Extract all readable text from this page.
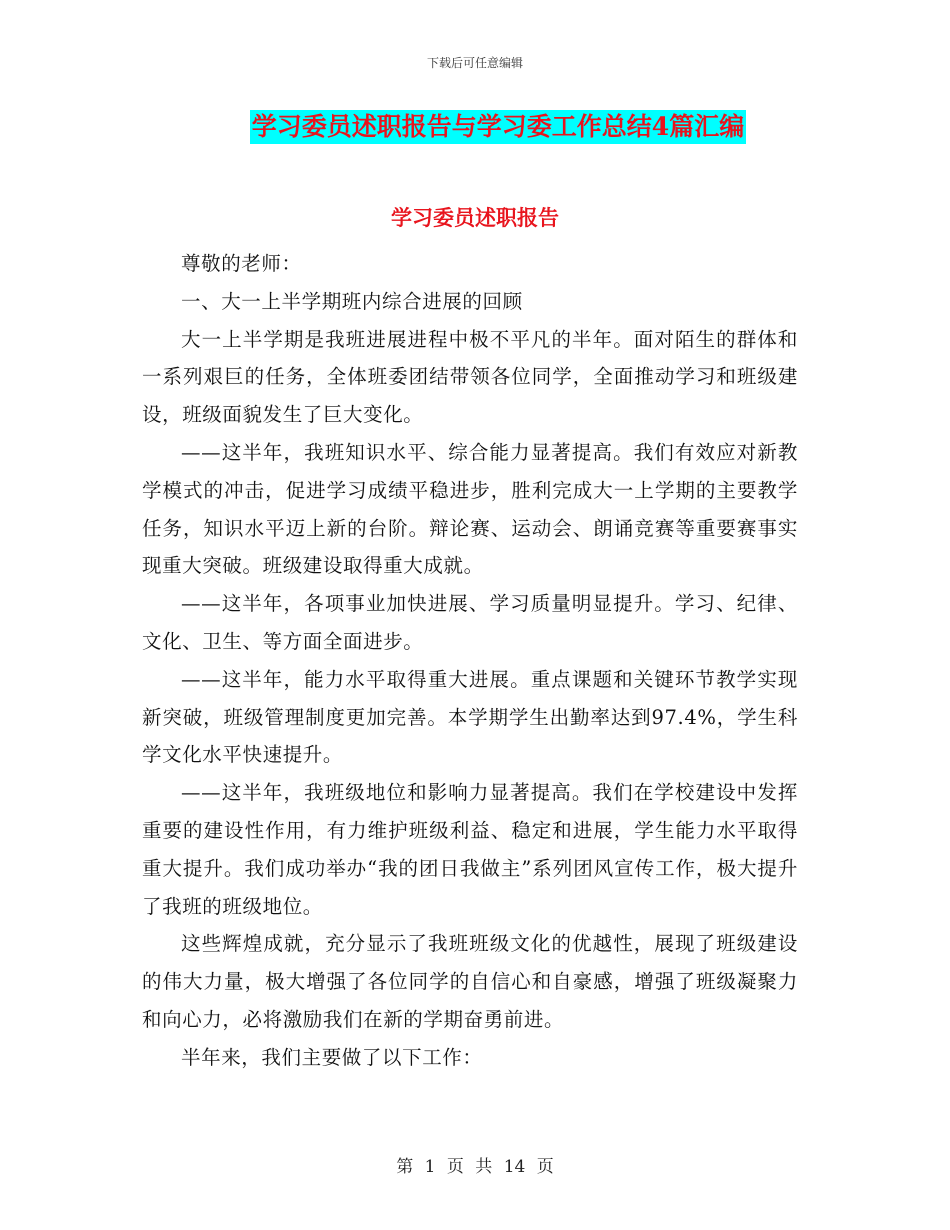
下载后可任意编辑
学习委员述职报告与学习委工作总结4篇汇编
学习委员述职报告

尊敬的老师：

一、大一上半学期班内综合进展的回顾

大一上半学期是我班进展进程中极不平凡的半年。面对陌生的群体和一系列艰巨的任务，全体班委团结带领各位同学，全面推动学习和班级建设，班级面貌发生了巨大变化。

——这半年，我班知识水平、综合能力显著提高。我们有效应对新教学模式的冲击，促进学习成绩平稳进步，胜利完成大一上学期的主要教学任务，知识水平迈上新的台阶。辩论赛、运动会、朗诵竞赛等重要赛事实现重大突破。班级建设取得重大成就。

——这半年，各项事业加快进展、学习质量明显提升。学习、纪律、文化、卫生、等方面全面进步。

——这半年，能力水平取得重大进展。重点课题和关键环节教学实现新突破，班级管理制度更加完善。本学期学生出勤率达到97.4%，学生科学文化水平快速提升。

——这半年，我班级地位和影响力显著提高。我们在学校建设中发挥重要的建设性作用，有力维护班级利益、稳定和进展，学生能力水平取得重大提升。我们成功举办“我的团日我做主”系列团风宣传工作，极大提升了我班的班级地位。

这些辉煌成就，充分显示了我班班级文化的优越性，展现了班级建设的伟大力量，极大增强了各位同学的自信心和自豪感，增强了班级凝聚力和向心力，必将激励我们在新的学期奋勇前进。

半年来，我们主要做了以下工作：

第 1 页 共 14 页
